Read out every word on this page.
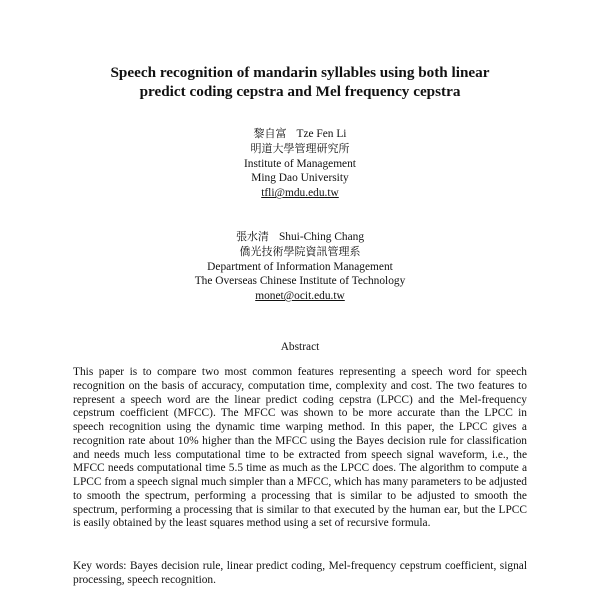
Speech recognition of mandarin syllables using both linear
predict coding cepstra and Mel frequency cepstra
黎自富 Tze Fen Li
明道大學管理研究所
Institute of Management
Ming Dao University
tfli@mdu.edu.tw
張水清 Shui-Ching Chang
僑光技術學院資訊管理系
Department of Information Management
The Overseas Chinese Institute of Technology
monet@ocit.edu.tw
Abstract

This paper is to compare two most common features representing a speech word for speech recognition on the basis of accuracy, computation time, complexity and cost. The two features to represent a speech word are the linear predict coding cepstra (LPCC) and the Mel-frequency cepstrum coefficient (MFCC). The MFCC was shown to be more accurate than the LPCC in speech recognition using the dynamic time warping method. In this paper, the LPCC gives a recognition rate about 10% higher than the MFCC using the Bayes decision rule for classification and needs much less computational time to be extracted from speech signal waveform, i.e., the MFCC needs computational time 5.5 time as much as the LPCC does. The algorithm to compute a LPCC from a speech signal much simpler than a MFCC, which has many parameters to be adjusted to smooth the spectrum, performing a processing that is similar to be adjusted to smooth the spectrum, performing a processing that is similar to that executed by the human ear, but the LPCC is easily obtained by the least squares method using a set of recursive formula.

Key words: Bayes decision rule, linear predict coding, Mel-frequency cepstrum coefficient, signal processing, speech recognition.
